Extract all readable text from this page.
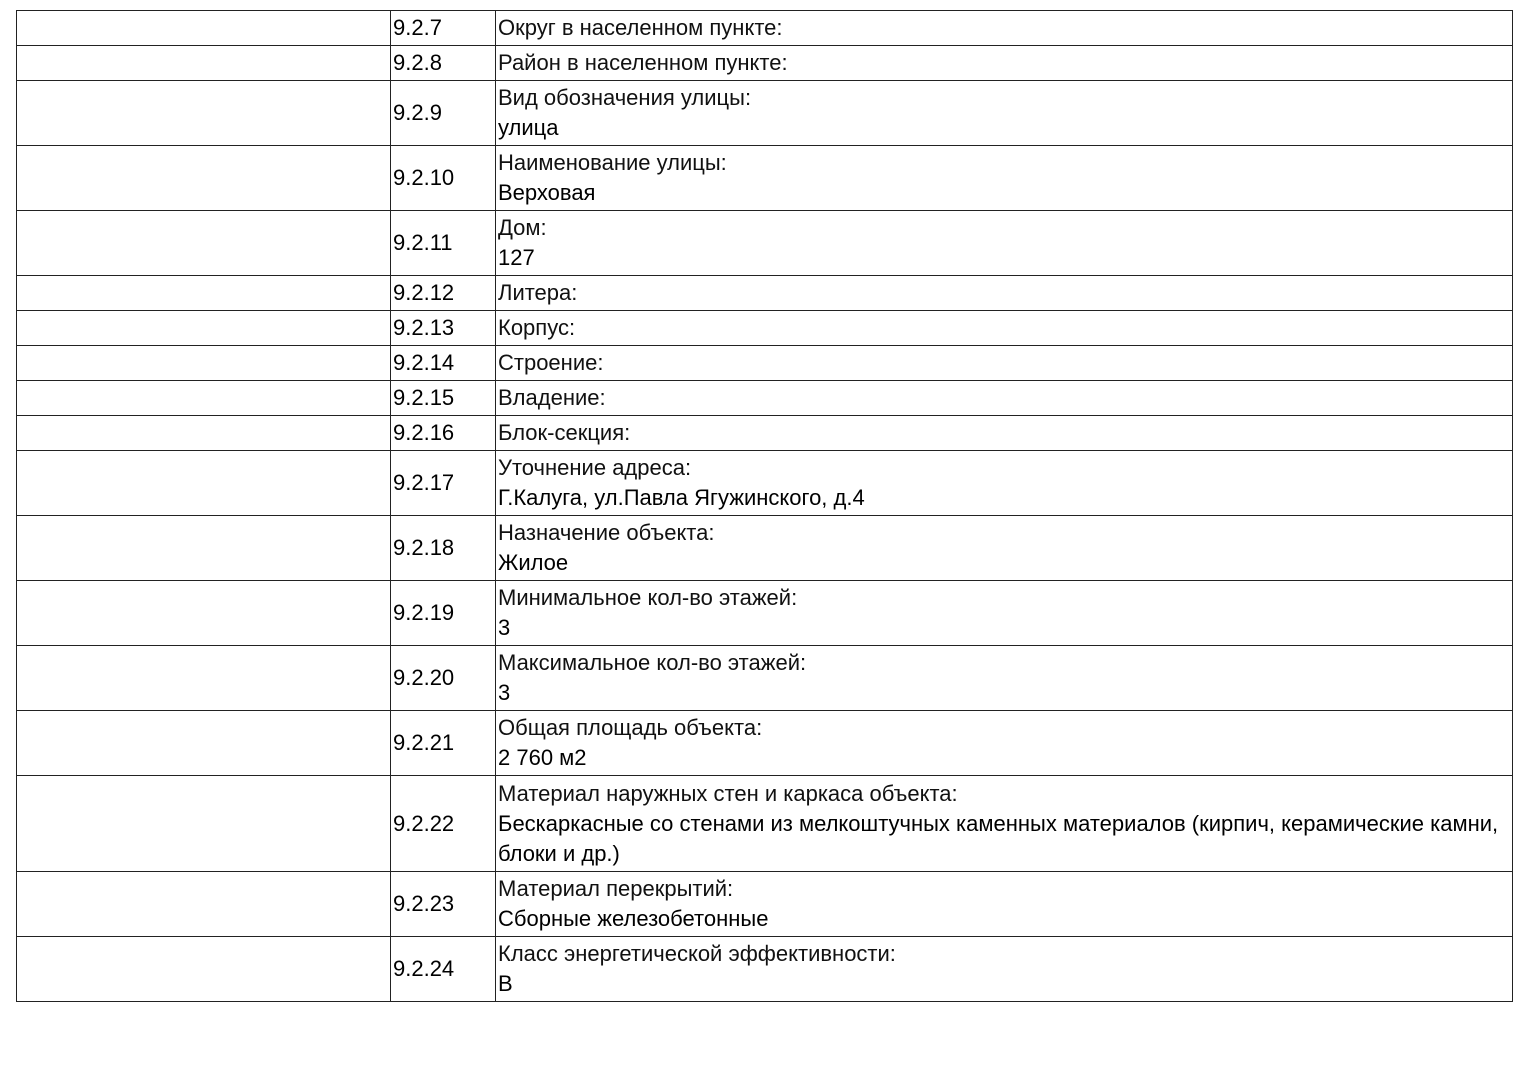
	9.2.7	Округ в населенном пункте:

	9.2.8	Район в населенном пункте:

	9.2.9	Вид обозначения улицы:
улица

	9.2.10	Наименование улицы:
Верховая

	9.2.11	Дом:
127

	9.2.12	Литера:

	9.2.13	Корпус:

	9.2.14	Строение:

	9.2.15	Владение:

	9.2.16	Блок-секция:

	9.2.17	Уточнение адреса:
Г.Калуга, ул.Павла Ягужинского, д.4

	9.2.18	Назначение объекта:
Жилое

	9.2.19	Минимальное кол-во этажей:
3

	9.2.20	Максимальное кол-во этажей:
3

	9.2.21	Общая площадь объекта:
2 760 м2

	9.2.22	Материал наружных стен и каркаса объекта:
Бескаркасные со стенами из мелкоштучных каменных материалов (кирпич, керамические камни, блоки и др.)

	9.2.23	Материал перекрытий:
Сборные железобетонные

	9.2.24	Класс энергетической эффективности:
B
